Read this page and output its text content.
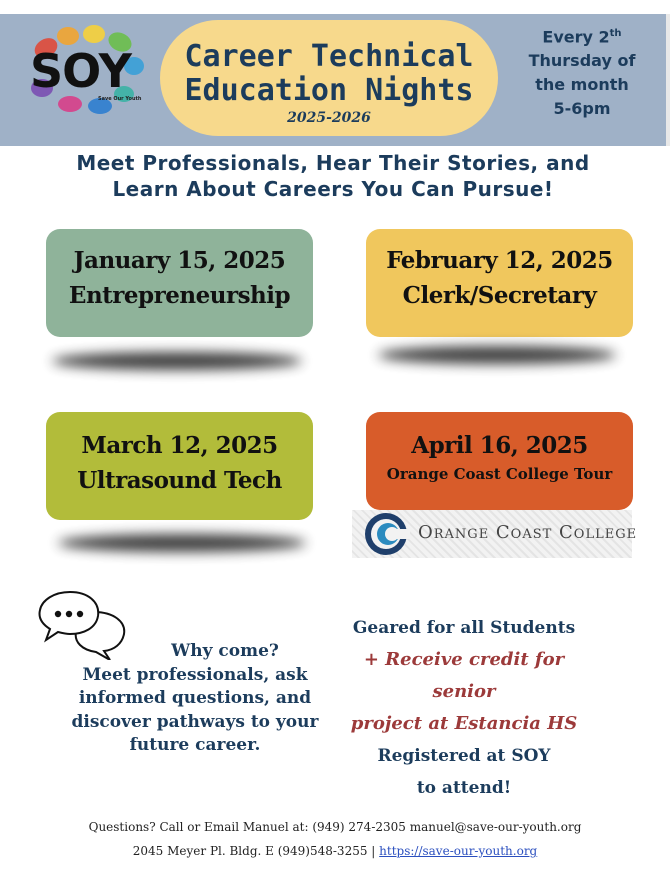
SOY
Save Our Youth
Career Technical
Education Nights
2025-2026
Every 2th
Thursday of
the month
5-6pm
Meet Professionals, Hear Their Stories, and
Learn About Careers You Can Pursue!
January 15, 2025
Entrepreneurship
February 12, 2025
Clerk/Secretary
March 12, 2025
Ultrasound Tech
April 16, 2025
Orange Coast College Tour
Orange Coast College
Why come?
Meet professionals, ask
informed questions, and
discover pathways to your
future career.
Geared for all Students
+ Receive credit for senior
project at Estancia HS
Registered at SOY
to attend!
Questions? Call or Email Manuel at: (949) 274-2305 manuel@save-our-youth.org
2045 Meyer Pl. Bldg. E (949)548-3255 | https://save-our-youth.org
